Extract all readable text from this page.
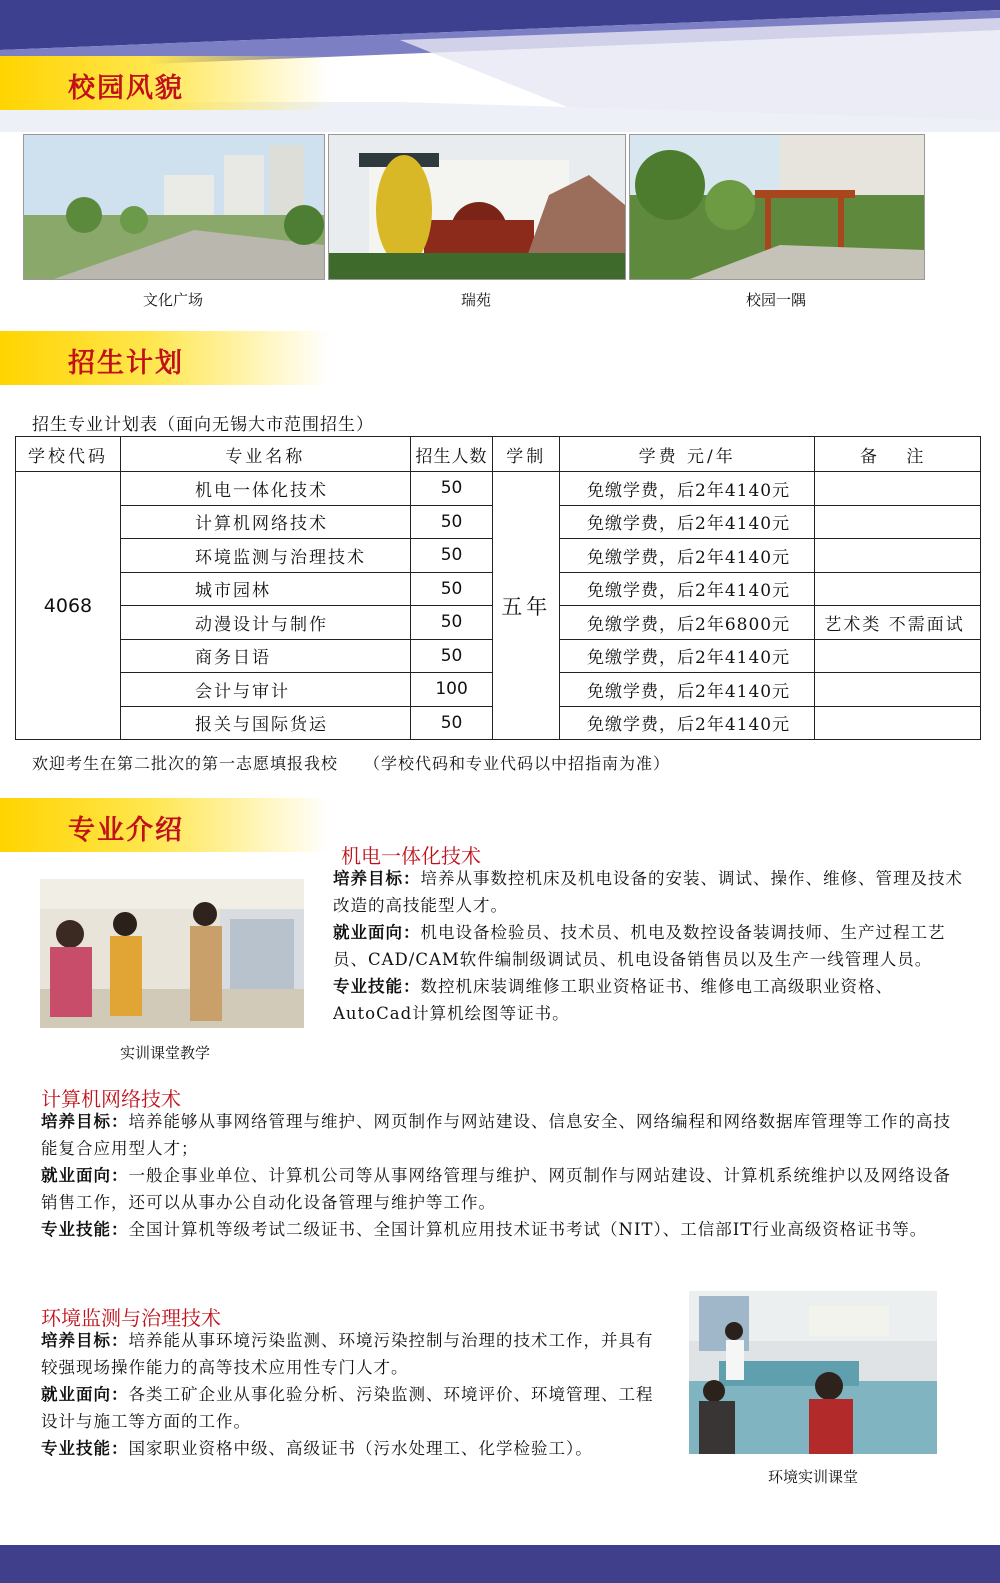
校园风貌
文化广场	瑞苑	校园一隅
招生计划
招生专业计划表（面向无锡大市范围招生）
学校代码	专业名称	招生人数	学制	学费 元/年	备 注
4068	机电一体化技术	50	五年	免缴学费，后2年4140元	
	计算机网络技术	50		免缴学费，后2年4140元	
	环境监测与治理技术	50		免缴学费，后2年4140元	
	城市园林	50		免缴学费，后2年4140元	
	动漫设计与制作	50		免缴学费，后2年6800元	艺术类 不需面试
	商务日语	50		免缴学费，后2年4140元	
	会计与审计	100		免缴学费，后2年4140元	
	报关与国际货运	50		免缴学费，后2年4140元	
欢迎考生在第二批次的第一志愿填报我校　　（学校代码和专业代码以中招指南为准）
专业介绍
实训课堂教学
机电一体化技术
培养目标：培养从事数控机床及机电设备的安装、调试、操作、维修、管理及技术改造的高技能型人才。
就业面向：机电设备检验员、技术员、机电及数控设备装调技师、生产过程工艺员、CAD/CAM软件编制级调试员、机电设备销售员以及生产一线管理人员。
专业技能：数控机床装调维修工职业资格证书、维修电工高级职业资格、AutoCad计算机绘图等证书。
计算机网络技术
培养目标：培养能够从事网络管理与维护、网页制作与网站建设、信息安全、网络编程和网络数据库管理等工作的高技能复合应用型人才；
就业面向：一般企事业单位、计算机公司等从事网络管理与维护、网页制作与网站建设、计算机系统维护以及网络设备销售工作，还可以从事办公自动化设备管理与维护等工作。
专业技能：全国计算机等级考试二级证书、全国计算机应用技术证书考试（NIT）、工信部IT行业高级资格证书等。
环境监测与治理技术
培养目标：培养能从事环境污染监测、环境污染控制与治理的技术工作，并具有较强现场操作能力的高等技术应用性专门人才。
就业面向：各类工矿企业从事化验分析、污染监测、环境评价、环境管理、工程设计与施工等方面的工作。
专业技能：国家职业资格中级、高级证书（污水处理工、化学检验工）。
环境实训课堂
